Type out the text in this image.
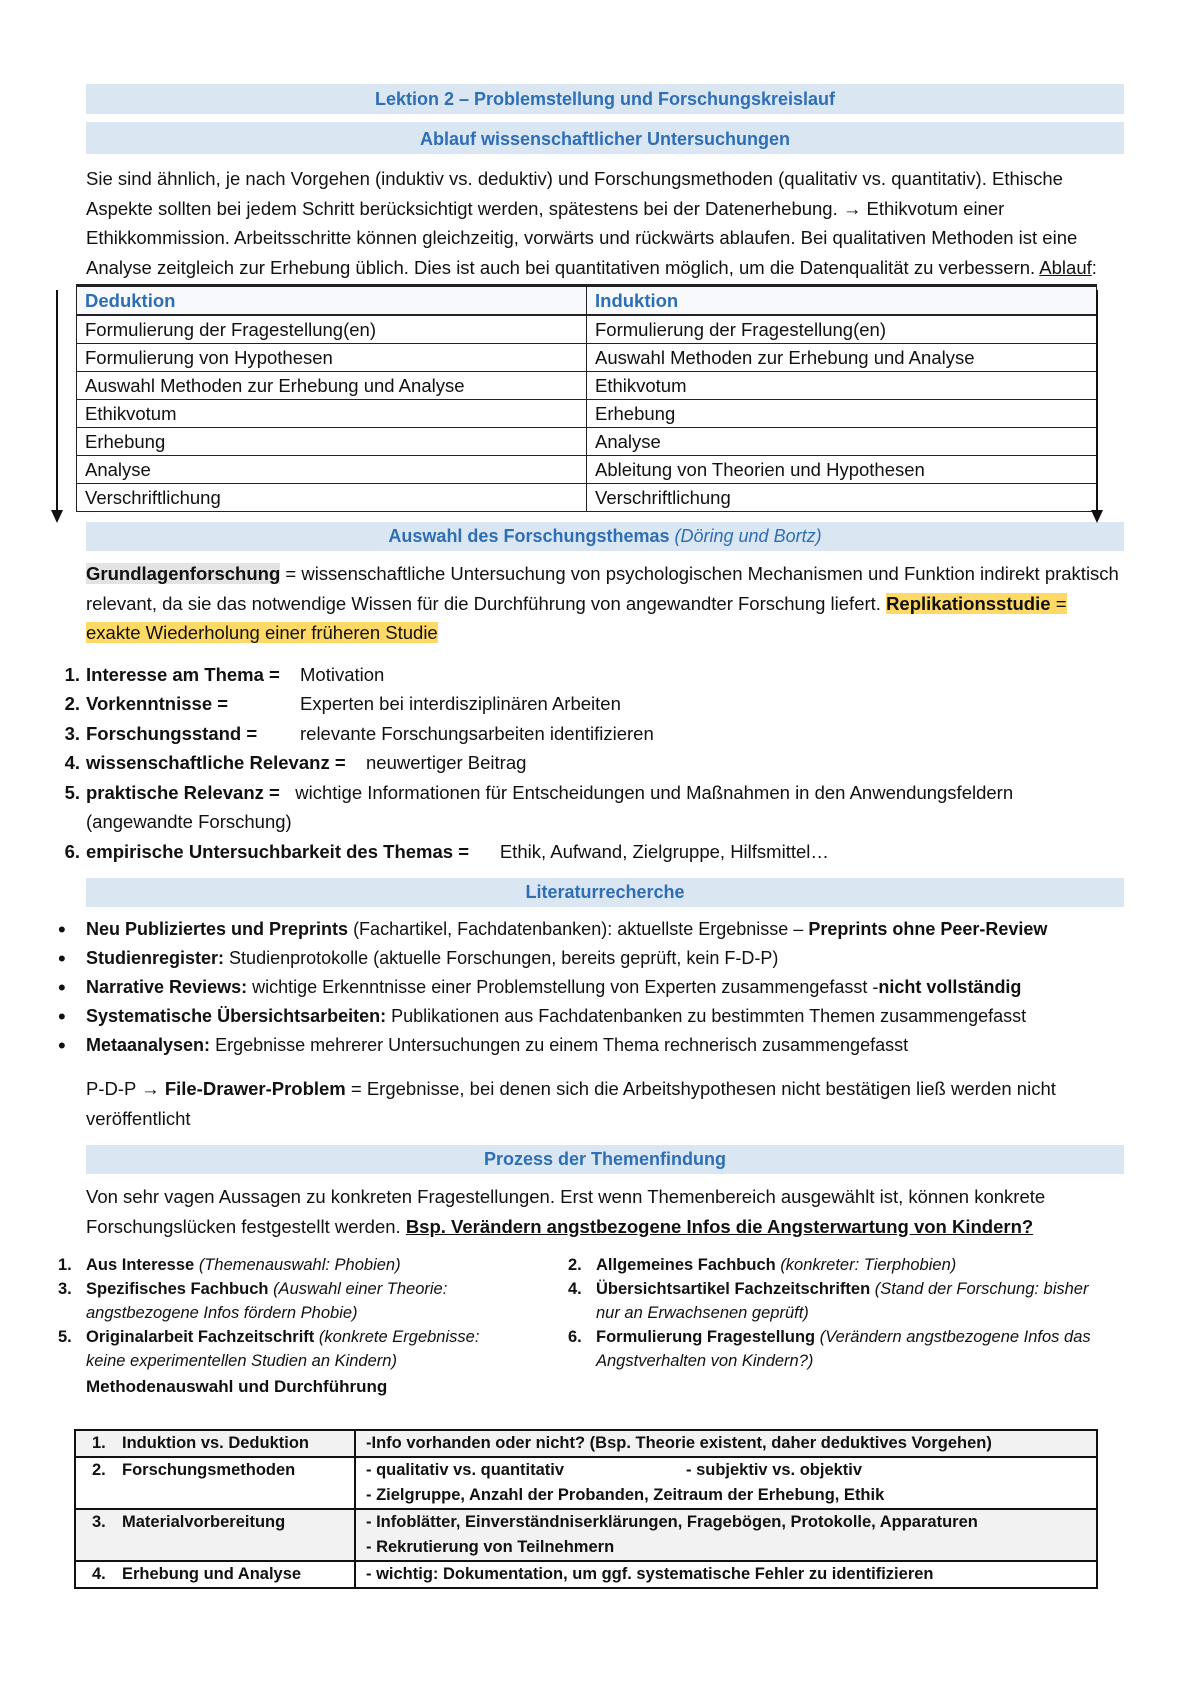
Lektion 2 – Problemstellung und Forschungskreislauf
Ablauf wissenschaftlicher Untersuchungen

Sie sind ähnlich, je nach Vorgehen (induktiv vs. deduktiv) und Forschungsmethoden (qualitativ vs. quantitativ). Ethische Aspekte sollten bei jedem Schritt berücksichtigt werden, spätestens bei der Datenerhebung. → Ethikvotum einer Ethikkommission. Arbeitsschritte können gleichzeitig, vorwärts und rückwärts ablaufen. Bei qualitativen Methoden ist eine Analyse zeitgleich zur Erhebung üblich. Dies ist auch bei quantitativen möglich, um die Datenqualität zu verbessern. Ablauf:

Deduktion	Induktion
Formulierung der Fragestellung(en)	Formulierung der Fragestellung(en)
Formulierung von Hypothesen	Auswahl Methoden zur Erhebung und Analyse
Auswahl Methoden zur Erhebung und Analyse	Ethikvotum
Ethikvotum	Erhebung
Erhebung	Analyse
Analyse	Ableitung von Theorien und Hypothesen
Verschriftlichung	Verschriftlichung
Auswahl des Forschungsthemas (Döring und Bortz)

Grundlagenforschung = wissenschaftliche Untersuchung von psychologischen Mechanismen und Funktion indirekt praktisch relevant, da sie das notwendige Wissen für die Durchführung von angewandter Forschung liefert. Replikationsstudie = exakte Wiederholung einer früheren Studie

1. Interesse am Thema = Motivation
2. Vorkenntnisse =	Experten bei interdisziplinären Arbeiten
3. Forschungsstand = relevante Forschungsarbeiten identifizieren
4. wissenschaftliche Relevanz = neuwertiger Beitrag
5. praktische Relevanz = wichtige Informationen für Entscheidungen und Maßnahmen in den Anwendungsfeldern (angewandte Forschung)
6. empirische Untersuchbarkeit des Themas = Ethik, Aufwand, Zielgruppe, Hilfsmittel…
Literaturrecherche
• Neu Publiziertes und Preprints (Fachartikel, Fachdatenbanken): aktuellste Ergebnisse – Preprints ohne Peer-Review
• Studienregister: Studienprotokolle (aktuelle Forschungen, bereits geprüft, kein F-D-P)
• Narrative Reviews: wichtige Erkenntnisse einer Problemstellung von Experten zusammengefasst -nicht vollständig
• Systematische Übersichtsarbeiten: Publikationen aus Fachdatenbanken zu bestimmten Themen zusammengefasst
• Metaanalysen: Ergebnisse mehrerer Untersuchungen zu einem Thema rechnerisch zusammengefasst

P-D-P → File-Drawer-Problem = Ergebnisse, bei denen sich die Arbeitshypothesen nicht bestätigen ließ werden nicht veröffentlicht

Prozess der Themenfindung

Von sehr vagen Aussagen zu konkreten Fragestellungen. Erst wenn Themenbereich ausgewählt ist, können konkrete Forschungslücken festgestellt werden. Bsp. Verändern angstbezogene Infos die Angsterwartung von Kindern?

1. Aus Interesse (Themenauswahl: Phobien)	2. Allgemeines Fachbuch (konkreter: Tierphobien)
3. Spezifisches Fachbuch (Auswahl einer Theorie: angstbezogene Infos fördern Phobie)
4. Übersichtsartikel Fachzeitschriften (Stand der Forschung: bisher nur an Erwachsenen geprüft)
5. Originalarbeit Fachzeitschrift (konkrete Ergebnisse: keine experimentellen Studien an Kindern)
6. Formulierung Fragestellung (Verändern angstbezogene Infos das Angstverhalten von Kindern?)
Methodenauswahl und Durchführung
1. Induktion vs. Deduktion	-Info vorhanden oder nicht? (Bsp. Theorie existent, daher deduktives Vorgehen)
2. Forschungsmethoden	- qualitativ vs. quantitativ - subjektiv vs. objektiv
- Zielgruppe, Anzahl der Probanden, Zeitraum der Erhebung, Ethik

3. Materialvorbereitung	- Infoblätter, Einverständniserklärungen, Fragebögen, Protokolle, Apparaturen
- Rekrutierung von Teilnehmern

4. Erhebung und Analyse	- wichtig: Dokumentation, um ggf. systematische Fehler zu identifizieren
